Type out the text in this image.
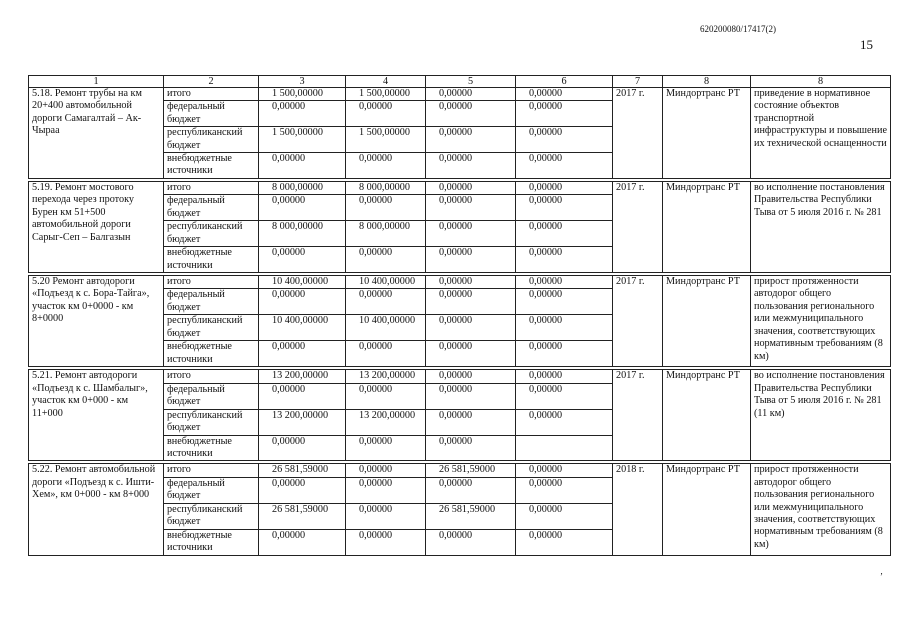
620200080/17417(2)
15
1	2	3	4	5	6	7	8	8
5.18. Ремонт трубы на км 20+400 автомобильной дороги Самагалтай – Ак-Чыраа	итого	1 500,00000	1 500,00000	0,00000	0,00000	2017 г.	Миндортранс РТ	приведение в нормативное состояние объектов транспортной инфраструктуры и повышение их технической оснащенности
	федеральный бюджет	0,00000	0,00000	0,00000	0,00000			
	республиканский бюджет	1 500,00000	1 500,00000	0,00000	0,00000			
	внебюджетные источники	0,00000	0,00000	0,00000	0,00000			

5.19. Ремонт мостового перехода через протоку Бурен км 51+500 автомобильной дороги Сарыг-Сеп – Балгазын	итого	8 000,00000	8 000,00000	0,00000	0,00000	2017 г.	Миндортранс РТ	во исполнение постановления Правительства Республики Тыва от 5 июля 2016 г. № 281
	федеральный бюджет	0,00000	0,00000	0,00000	0,00000			
	республиканский бюджет	8 000,00000	8 000,00000	0,00000	0,00000			
	внебюджетные источники	0,00000	0,00000	0,00000	0,00000			

5.20 Ремонт автодороги «Подъезд к с. Бора-Тайга», участок км 0+0000 - км 8+0000	итого	10 400,00000	10 400,00000	0,00000	0,00000	2017 г.	Миндортранс РТ	прирост протяженности автодорог общего пользования регионального или межмуниципального значения, соответствующих нормативным требованиям (8 км)
	федеральный бюджет	0,00000	0,00000	0,00000	0,00000			
	республиканский бюджет	10 400,00000	10 400,00000	0,00000	0,00000			
	внебюджетные источники	0,00000	0,00000	0,00000	0,00000			

5.21. Ремонт автодороги «Подъезд к с. Шамбалыг», участок км 0+000 - км 11+000	итого	13 200,00000	13 200,00000	0,00000	0,00000	2017 г.	Миндортранс РТ	во исполнение постановления Правительства Республики Тыва от 5 июля 2016 г. № 281 (11 км)
	федеральный бюджет	0,00000	0,00000	0,00000	0,00000			
	республиканский бюджет	13 200,00000	13 200,00000	0,00000	0,00000			
	внебюджетные источники	0,00000	0,00000	0,00000				

5.22. Ремонт автомобильной дороги «Подъезд к с. Ишти-Хем», км 0+000 - км 8+000	итого	26 581,59000	0,00000	26 581,59000	0,00000	2018 г.	Миндортранс РТ	прирост протяженности автодорог общего пользования регионального или межмуниципального значения, соответствующих нормативным требованиям (8 км)
	федеральный бюджет	0,00000	0,00000	0,00000	0,00000			
	республиканский бюджет	26 581,59000	0,00000	26 581,59000	0,00000			
	внебюджетные источники	0,00000	0,00000	0,00000	0,00000			
‚
